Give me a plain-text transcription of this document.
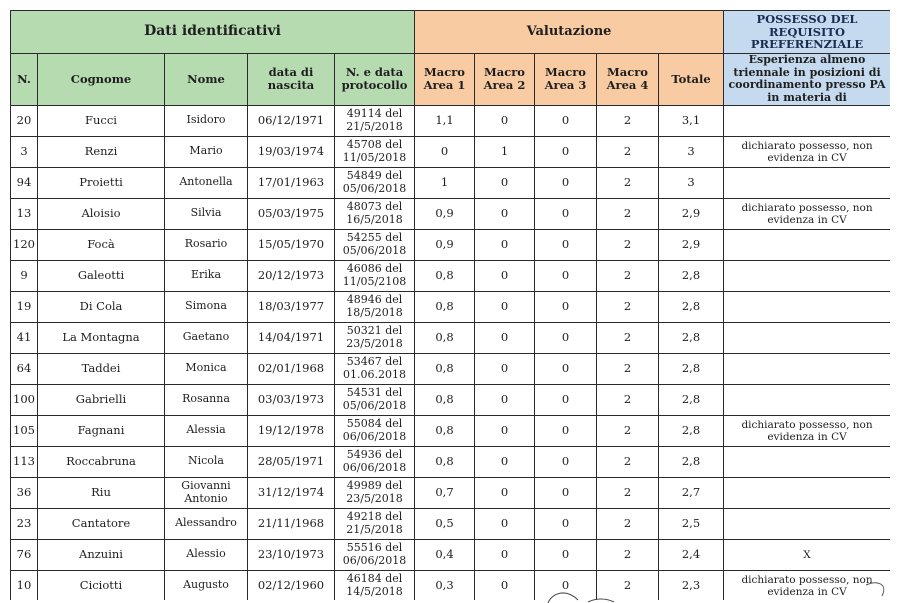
Dati identificativi					Valutazione					POSSESSO DEL REQUISITO PREFERENZIALE
N.	Cognome	Nome	data di nascita	N. e data protocollo	Macro Area 1	Macro Area 2	Macro Area 3	Macro Area 4	Totale	Esperienza almeno triennale in posizioni di coordinamento presso PA in materia di
20	Fucci	Isidoro	06/12/1971	49114 del 21/5/2018	1,1	0	0	2	3,1	
3	Renzi	Mario	19/03/1974	45708 del 11/05/2018	0	1	0	2	3	dichiarato possesso, non evidenza in CV
94	Proietti	Antonella	17/01/1963	54849 del 05/06/2018	1	0	0	2	3	
13	Aloisio	Silvia	05/03/1975	48073 del 16/5/2018	0,9	0	0	2	2,9	dichiarato possesso, non evidenza in CV
120	Focà	Rosario	15/05/1970	54255 del 05/06/2018	0,9	0	0	2	2,9	
9	Galeotti	Erika	20/12/1973	46086 del 11/05/2108	0,8	0	0	2	2,8	
19	Di Cola	Simona	18/03/1977	48946 del 18/5/2018	0,8	0	0	2	2,8	
41	La Montagna	Gaetano	14/04/1971	50321 del 23/5/2018	0,8	0	0	2	2,8	
64	Taddei	Monica	02/01/1968	53467 del 01.06.2018	0,8	0	0	2	2,8	
100	Gabrielli	Rosanna	03/03/1973	54531 del 05/06/2018	0,8	0	0	2	2,8	
105	Fagnani	Alessia	19/12/1978	55084 del 06/06/2018	0,8	0	0	2	2,8	dichiarato possesso, non evidenza in CV
113	Roccabruna	Nicola	28/05/1971	54936 del 06/06/2018	0,8	0	0	2	2,8	
36	Riu	Giovanni Antonio	31/12/1974	49989 del 23/5/2018	0,7	0	0	2	2,7	
23	Cantatore	Alessandro	21/11/1968	49218 del 21/5/2018	0,5	0	0	2	2,5	
76	Anzuini	Alessio	23/10/1973	55516 del 06/06/2018	0,4	0	0	2	2,4	X
10	Ciciotti	Augusto	02/12/1960	46184 del 14/5/2018	0,3	0	0	2	2,3	dichiarato possesso, non evidenza in CV
